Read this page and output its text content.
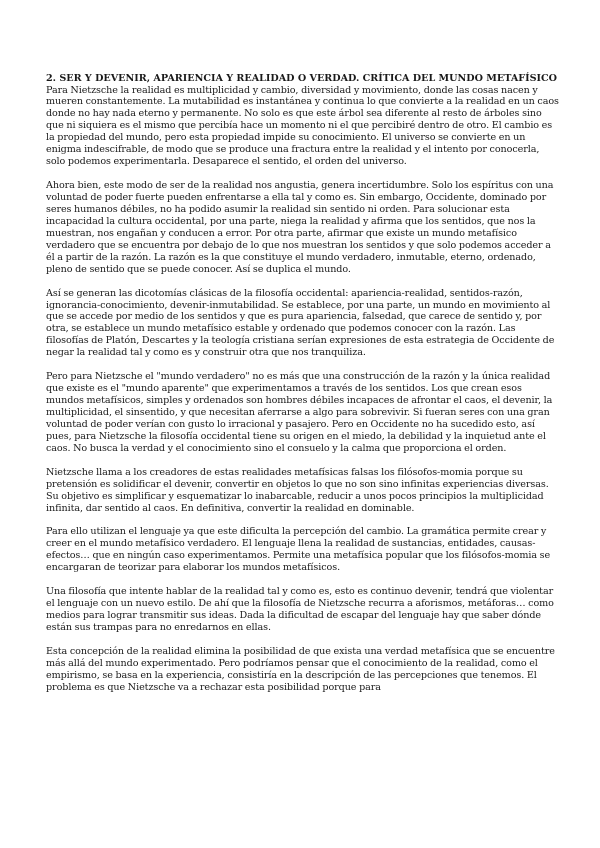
2. SER Y DEVENIR, APARIENCIA Y REALIDAD O VERDAD. CRÍTICA DEL MUNDO METAFÍSICO

Para Nietzsche la realidad es multiplicidad y cambio, diversidad y movimiento, donde las cosas nacen y mueren constantemente. La mutabilidad es instantánea y continua lo que convierte a la realidad en un caos donde no hay nada eterno y permanente. No solo es que este árbol sea diferente al resto de árboles sino que ni siquiera es el mismo que percibía hace un momento ni el que percibiré dentro de otro. El cambio es la propiedad del mundo, pero esta propiedad impide su conocimiento. El universo se convierte en un enigma indescifrable, de modo que se produce una fractura entre la realidad y el intento por conocerla, solo podemos experimentarla. Desaparece el sentido, el orden del universo.

Ahora bien, este modo de ser de la realidad nos angustia, genera incertidumbre. Solo los espíritus con una voluntad de poder fuerte pueden enfrentarse a ella tal y como es. Sin embargo, Occidente, dominado por seres humanos débiles, no ha podido asumir la realidad sin sentido ni orden. Para solucionar esta incapacidad la cultura occidental, por una parte, niega la realidad y afirma que los sentidos, que nos la muestran, nos engañan y conducen a error. Por otra parte, afirmar que existe un mundo metafísico verdadero que se encuentra por debajo de lo que nos muestran los sentidos y que solo podemos acceder a él a partir de la razón. La razón es la que constituye el mundo verdadero, inmutable, eterno, ordenado, pleno de sentido que se puede conocer. Así se duplica el mundo.

Así se generan las dicotomías clásicas de la filosofía occidental: apariencia-realidad, sentidos-razón, ignorancia-conocimiento, devenir-inmutabilidad. Se establece, por una parte, un mundo en movimiento al que se accede por medio de los sentidos y que es pura apariencia, falsedad, que carece de sentido y, por otra, se establece un mundo metafísico estable y ordenado que podemos conocer con la razón. Las filosofías de Platón, Descartes y la teología cristiana serían expresiones de esta estrategia de Occidente de negar la realidad tal y como es y construir otra que nos tranquiliza.

Pero para Nietzsche el "mundo verdadero" no es más que una construcción de la razón y la única realidad que existe es el "mundo aparente" que experimentamos a través de los sentidos. Los que crean esos mundos metafísicos, simples y ordenados son hombres débiles incapaces de afrontar el caos, el devenir, la multiplicidad, el sinsentido, y que necesitan aferrarse a algo para sobrevivir. Si fueran seres con una gran voluntad de poder verían con gusto lo irracional y pasajero. Pero en Occidente no ha sucedido esto, así pues, para Nietzsche la filosofía occidental tiene su origen en el miedo, la debilidad y la inquietud ante el caos. No busca la verdad y el conocimiento sino el consuelo y la calma que proporciona el orden.

Nietzsche llama a los creadores de estas realidades metafísicas falsas los filósofos-momia porque su pretensión es solidificar el devenir, convertir en objetos lo que no son sino infinitas experiencias diversas. Su objetivo es simplificar y esquematizar lo inabarcable, reducir a unos pocos principios la multiplicidad infinita, dar sentido al caos. En definitiva, convertir la realidad en dominable.

Para ello utilizan el lenguaje ya que este dificulta la percepción del cambio. La gramática permite crear y creer en el mundo metafísico verdadero. El lenguaje llena la realidad de sustancias, entidades, causas-efectos… que en ningún caso experimentamos. Permite una metafísica popular que los filósofos-momia se encargaran de teorizar para elaborar los mundos metafísicos.

Una filosofía que intente hablar de la realidad tal y como es, esto es continuo devenir, tendrá que violentar el lenguaje con un nuevo estilo. De ahí que la filosofía de Nietzsche recurra a aforismos, metáforas… como medios para lograr transmitir sus ideas. Dada la dificultad de escapar del lenguaje hay que saber dónde están sus trampas para no enredarnos en ellas.

Esta concepción de la realidad elimina la posibilidad de que exista una verdad metafísica que se encuentre más allá del mundo experimentado. Pero podríamos pensar que el conocimiento de la realidad, como el empirismo, se basa en la experiencia, consistiría en la descripción de las percepciones que tenemos. El problema es que Nietzsche va a rechazar esta posibilidad porque para
